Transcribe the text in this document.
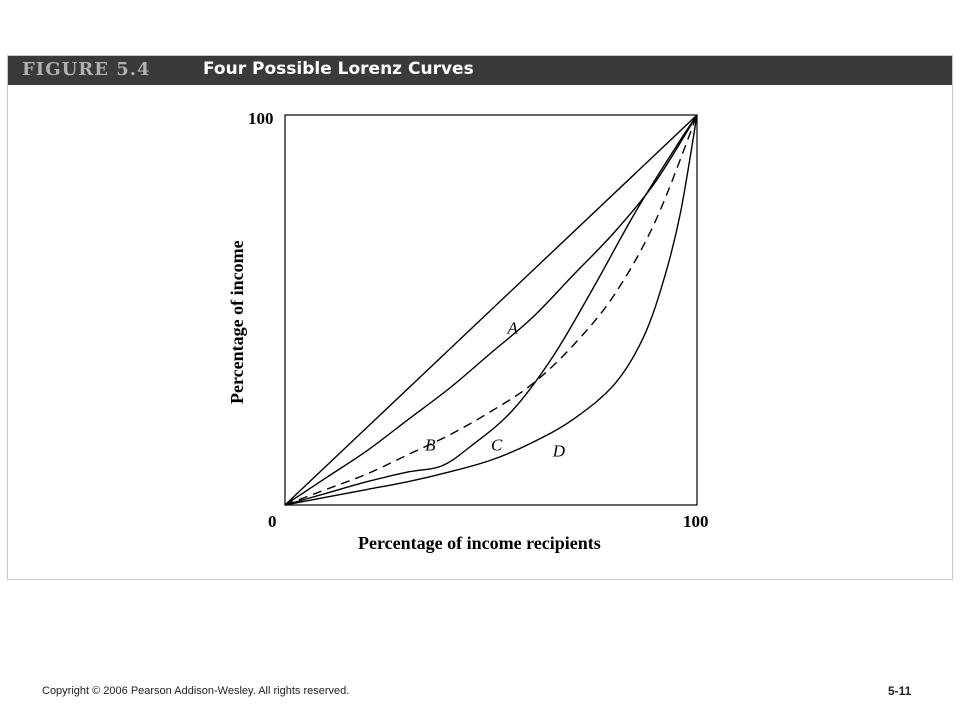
FIGURE 5.4	Four Possible Lorenz Curves
A
B	C	D
100
0	100
Percentage of income recipients
Percentage of income
Copyright © 2006 Pearson Addison-Wesley. All rights reserved.	5-11
